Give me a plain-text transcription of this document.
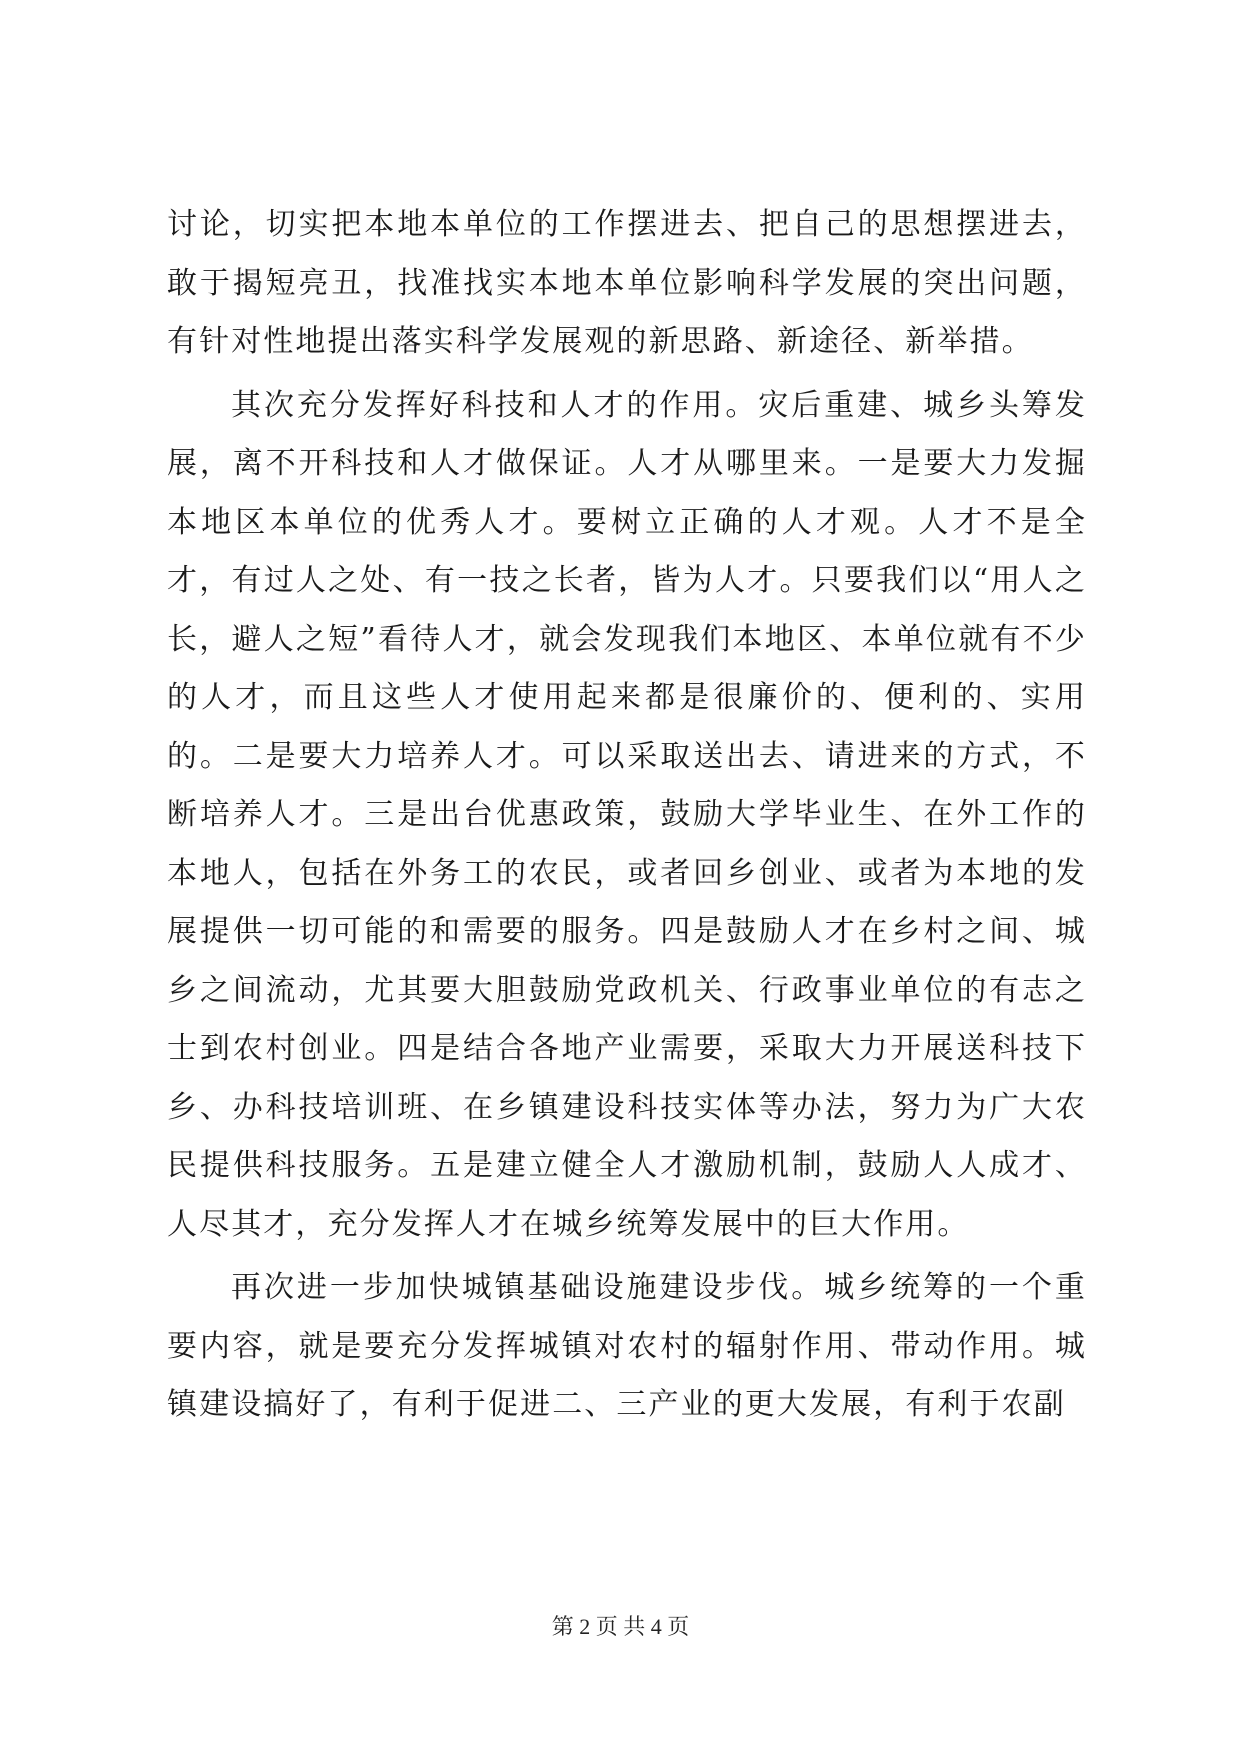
讨论，切实把本地本单位的工作摆进去、把自己的思想摆进去，敢于揭短亮丑，找准找实本地本单位影响科学发展的突出问题，有针对性地提出落实科学发展观的新思路、新途径、新举措。

其次充分发挥好科技和人才的作用。灾后重建、城乡头筹发展，离不开科技和人才做保证。人才从哪里来。一是要大力发掘本地区本单位的优秀人才。要树立正确的人才观。人才不是全才，有过人之处、有一技之长者，皆为人才。只要我们以“用人之长，避人之短”看待人才，就会发现我们本地区、本单位就有不少的人才，而且这些人才使用起来都是很廉价的、便利的、实用的。二是要大力培养人才。可以采取送出去、请进来的方式，不断培养人才。三是出台优惠政策，鼓励大学毕业生、在外工作的本地人，包括在外务工的农民，或者回乡创业、或者为本地的发展提供一切可能的和需要的服务。四是鼓励人才在乡村之间、城乡之间流动，尤其要大胆鼓励党政机关、行政事业单位的有志之士到农村创业。四是结合各地产业需要，采取大力开展送科技下乡、办科技培训班、在乡镇建设科技实体等办法，努力为广大农民提供科技服务。五是建立健全人才激励机制，鼓励人人成才、人尽其才，充分发挥人才在城乡统筹发展中的巨大作用。

再次进一步加快城镇基础设施建设步伐。城乡统筹的一个重要内容，就是要充分发挥城镇对农村的辐射作用、带动作用。城镇建设搞好了，有利于促进二、三产业的更大发展，有利于农副

第 2 页 共 4 页
